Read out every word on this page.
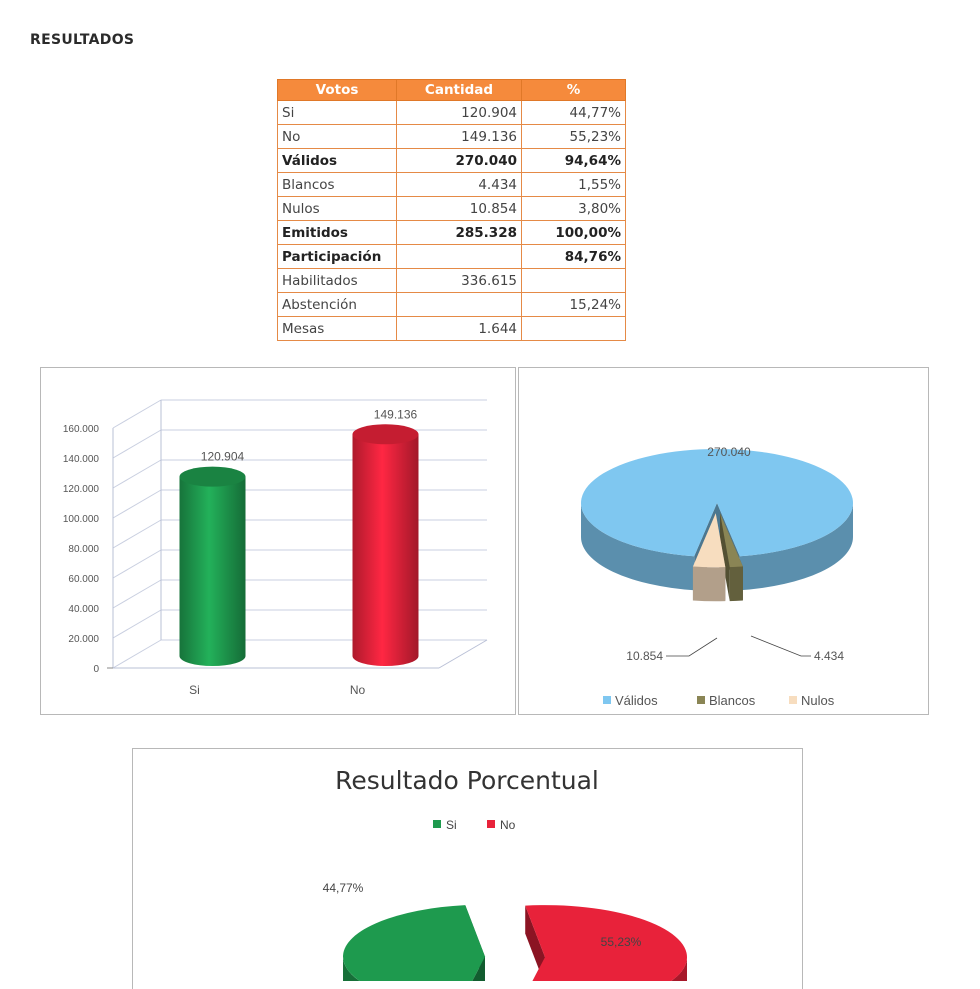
RESULTADOS
Votos	Cantidad	%
Si	120.904	44,77%
No	149.136	55,23%
Válidos	270.040	94,64%
Blancos	4.434	1,55%
Nulos	10.854	3,80%
Emitidos	285.328	100,00%
Participación		84,76%
Habilitados	336.615	
Abstención		15,24%
Mesas	1.644	
0
20.000
40.000
60.000
80.000
100.000
120.000
140.000
160.000
120.904
Si
149.136
No
270.040
4.434
10.854
Válidos	Blancos	Nulos
Resultado Porcentual
Si	No
44,77%
55,23%
